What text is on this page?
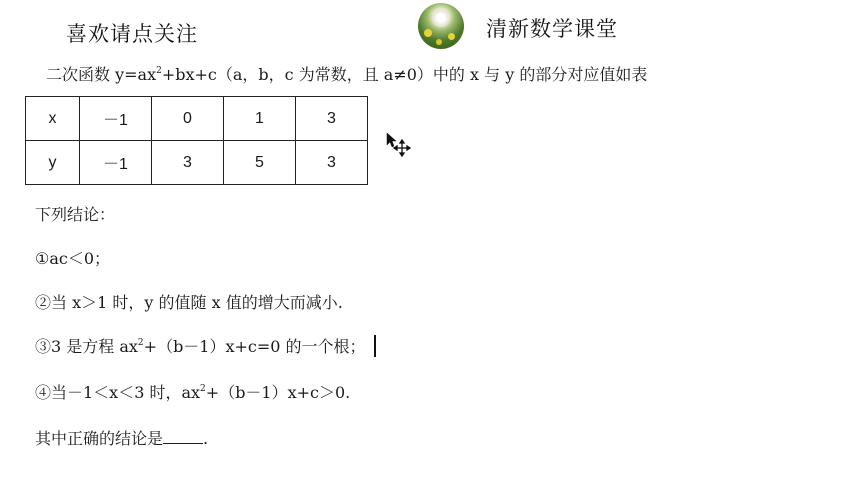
喜欢请点关注	清新数学课堂
二次函数 $y=ax^2+bx+c(a$，b，c 为常数，且 a≠0）中的 x 与 y 的部分对应值如表
x	－1	0	1	3
y	－1	3	5	3
下列结论：
①ac＜0；
②当 x＞1 时，y 的值随 x 值的增大而减小.
③3 是方程 $ax^2+(b-1)x+c=0$ 的一个根；
④当－1＜x＜3 时，$ax^2+(b-1)x+c>0$.
其中正确的结论是	.
